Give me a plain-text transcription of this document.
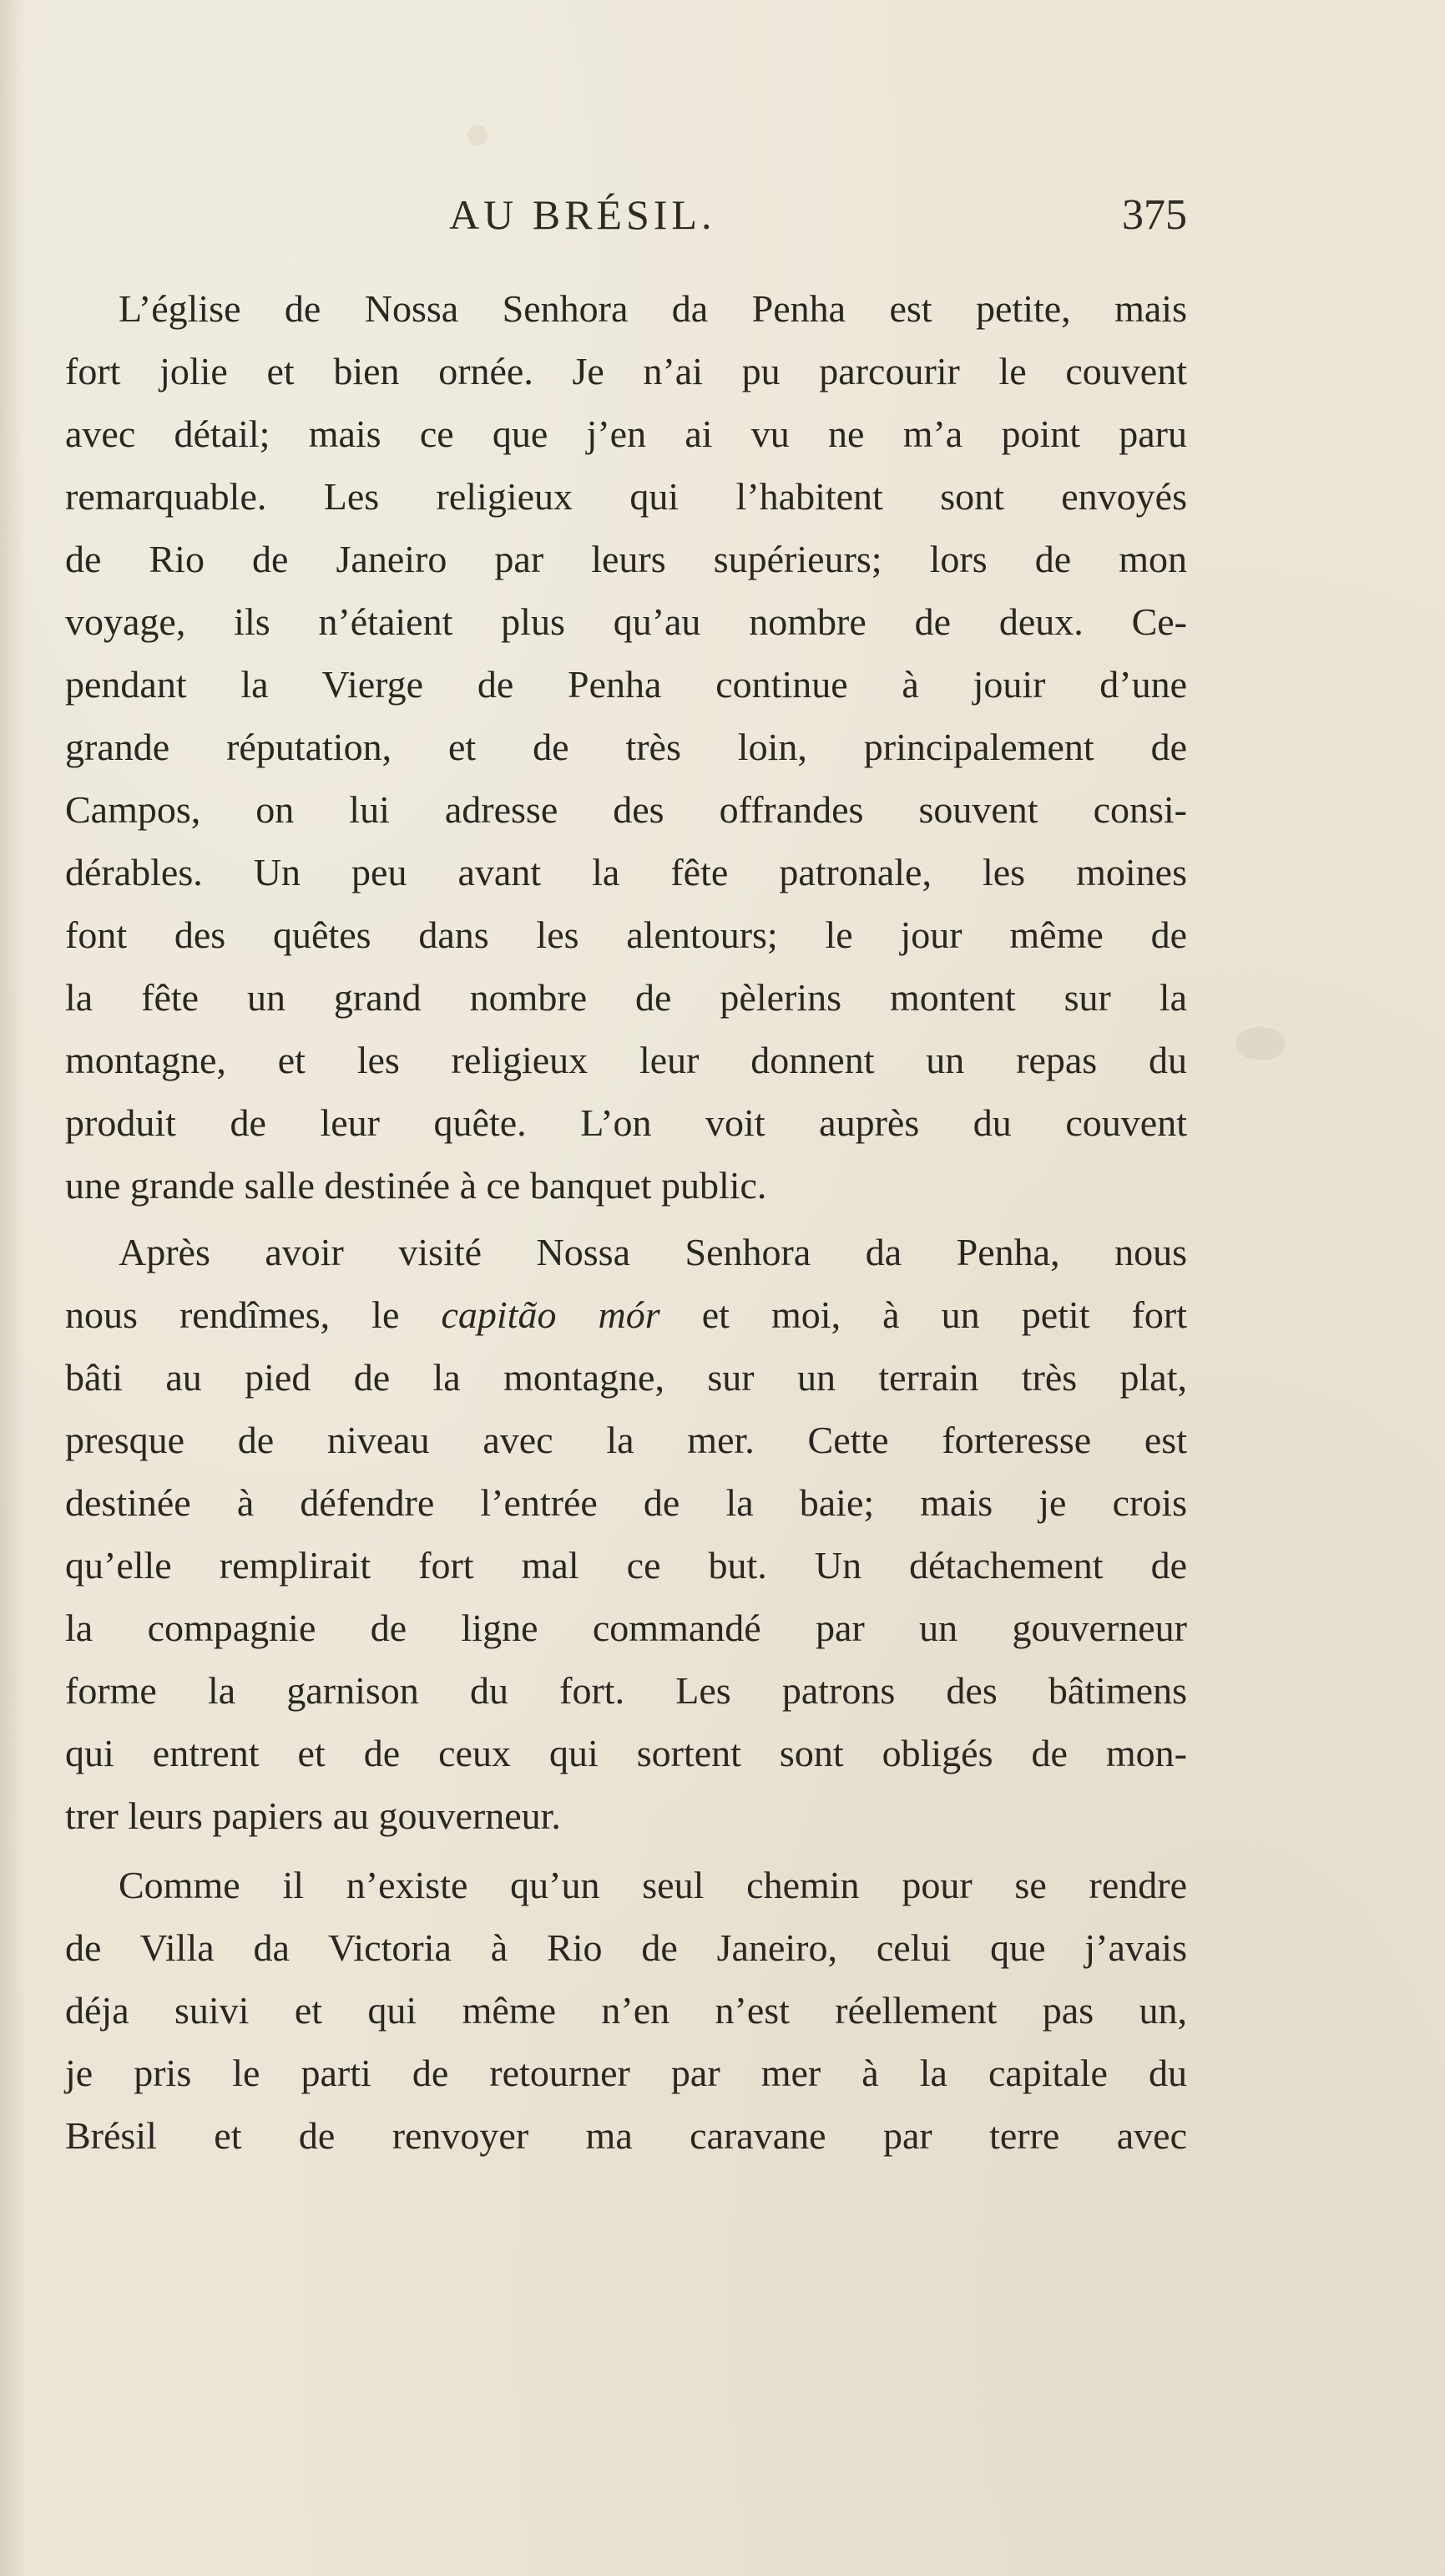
AU BRÉSIL.	375
L’église de Nossa Senhora da Penha est petite, mais
fort jolie et bien ornée. Je n’ai pu parcourir le couvent
avec détail; mais ce que j’en ai vu ne m’a point paru
remarquable. Les religieux qui l’habitent sont envoyés
de Rio de Janeiro par leurs supérieurs; lors de mon
voyage, ils n’étaient plus qu’au nombre de deux. Ce-
pendant la Vierge de Penha continue à jouir d’une
grande réputation, et de très loin, principalement de
Campos, on lui adresse des offrandes souvent consi-
dérables. Un peu avant la fête patronale, les moines
font des quêtes dans les alentours; le jour même de
la fête un grand nombre de pèlerins montent sur la
montagne, et les religieux leur donnent un repas du
produit de leur quête. L’on voit auprès du couvent
une grande salle destinée à ce banquet public.
Après avoir visité Nossa Senhora da Penha, nous
nous rendîmes, le capitão mór et moi, à un petit fort
bâti au pied de la montagne, sur un terrain très plat,
presque de niveau avec la mer. Cette forteresse est
destinée à défendre l’entrée de la baie; mais je crois
qu’elle remplirait fort mal ce but. Un détachement de
la compagnie de ligne commandé par un gouverneur
forme la garnison du fort. Les patrons des bâtimens
qui entrent et de ceux qui sortent sont obligés de mon-
trer leurs papiers au gouverneur.
Comme il n’existe qu’un seul chemin pour se rendre
de Villa da Victoria à Rio de Janeiro, celui que j’avais
déja suivi et qui même n’en n’est réellement pas un,
je pris le parti de retourner par mer à la capitale du
Brésil et de renvoyer ma caravane par terre avec
